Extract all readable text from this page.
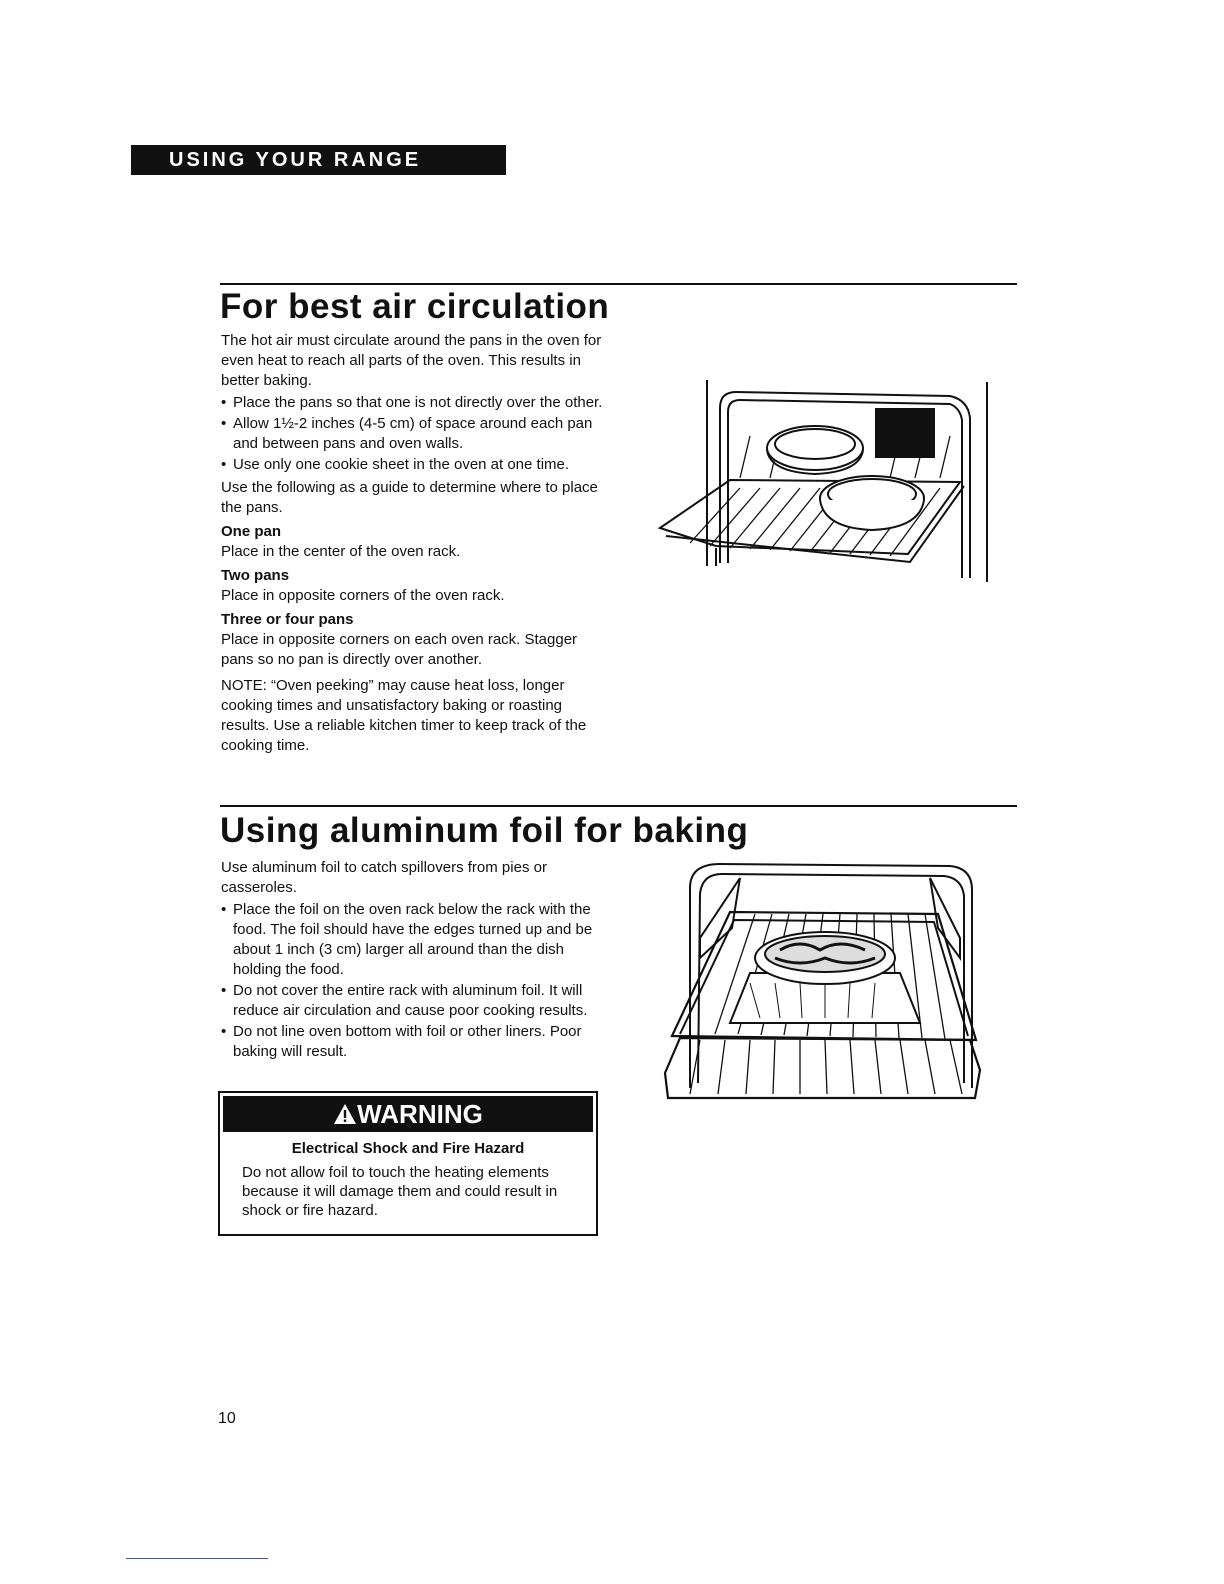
USING YOUR RANGE
For best air circulation

The hot air must circulate around the pans in the oven for even heat to reach all parts of the oven. This results in better baking.

• Place the pans so that one is not directly over the other.
• Allow 1½-2 inches (4-5 cm) of space around each pan and between pans and oven walls.
• Use only one cookie sheet in the oven at one time.

Use the following as a guide to determine where to place the pans.

One pan

Place in the center of the oven rack.

Two pans

Place in opposite corners of the oven rack.

Three or four pans

Place in opposite corners on each oven rack. Stagger pans so no pan is directly over another.

NOTE: “Oven peeking” may cause heat loss, longer cooking times and unsatisfactory baking or roasting results. Use a reliable kitchen timer to keep track of the cooking time.

Using aluminum foil for baking

Use aluminum foil to catch spillovers from pies or casseroles.

• Place the foil on the oven rack below the rack with the food. The foil should have the edges turned up and be about 1 inch (3 cm) larger all around than the dish holding the food.
• Do not cover the entire rack with aluminum foil. It will reduce air circulation and cause poor cooking results.
• Do not line oven bottom with foil or other liners. Poor baking will result.
WARNING
Electrical Shock and Fire Hazard
Do not allow foil to touch the heating elements because it will damage them and could result in shock or fire hazard.
10
